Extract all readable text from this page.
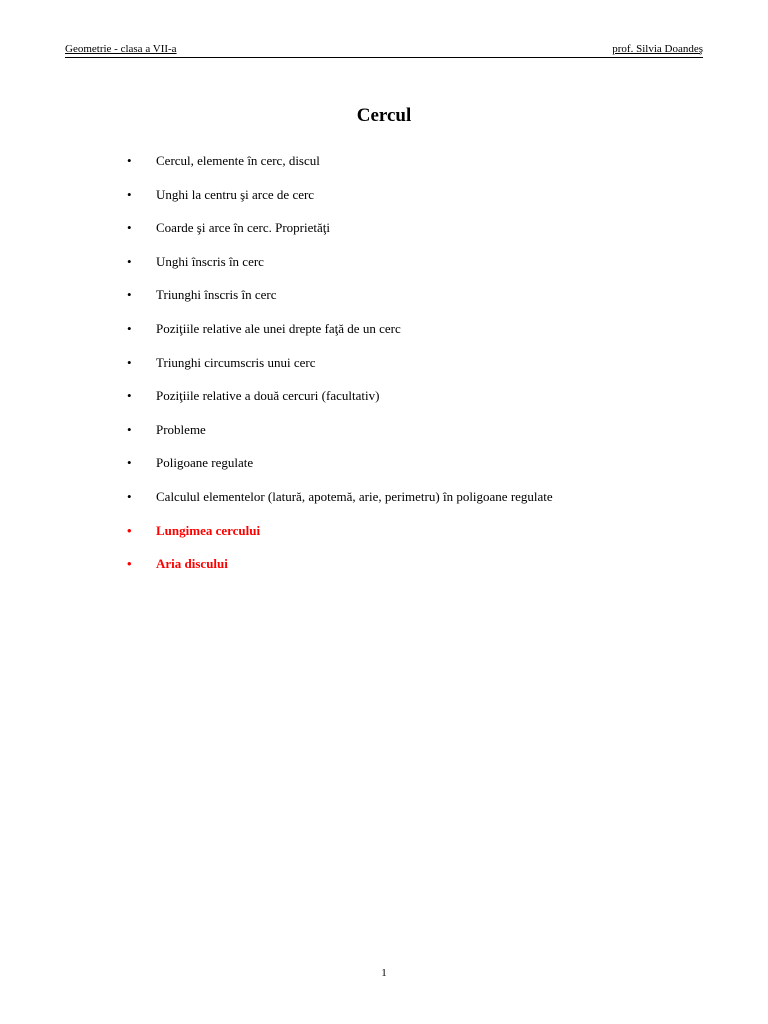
Geometrie - clasa a VII-a	prof. Silvia Doandeş
Cercul
• Cercul, elemente în cerc, discul
• Unghi la centru şi arce de cerc
• Coarde şi arce în cerc. Proprietăţi
• Unghi înscris în cerc
• Triunghi înscris în cerc
• Poziţiile relative ale unei drepte faţă de un cerc
• Triunghi circumscris unui cerc
• Poziţiile relative a două cercuri (facultativ)
• Probleme
• Poligoane regulate
• Calculul elementelor (latură, apotemă, arie, perimetru) în poligoane regulate
• Lungimea cercului
• Aria discului
1
